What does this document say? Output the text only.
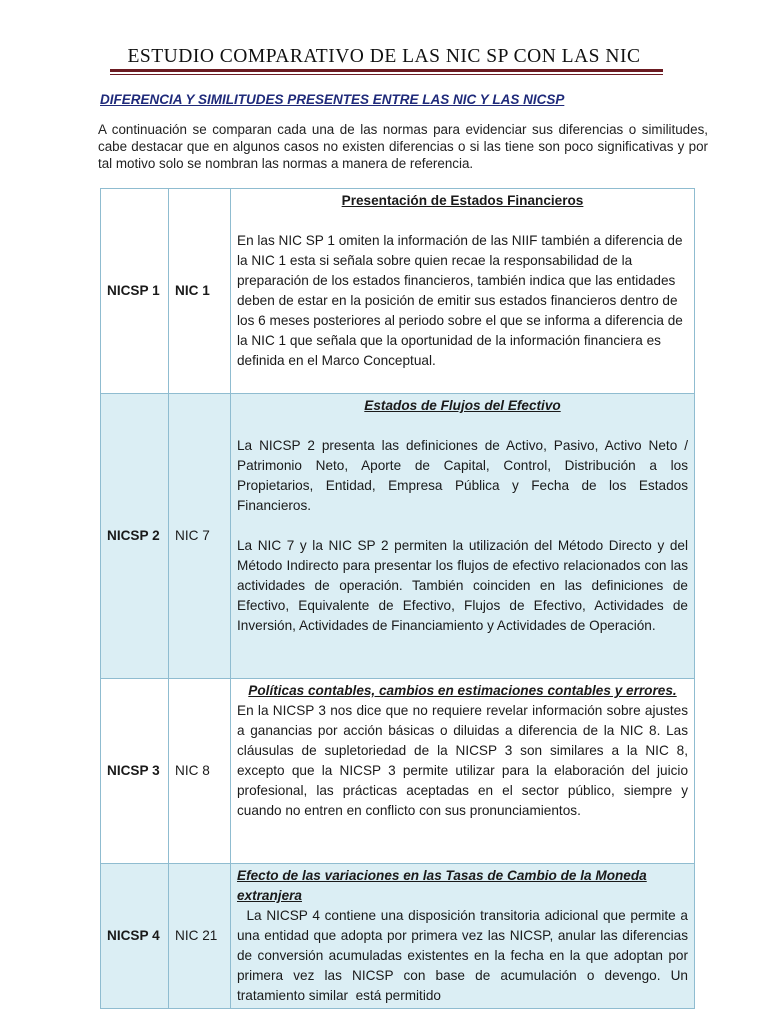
ESTUDIO COMPARATIVO DE LAS NIC SP CON LAS NIC
DIFERENCIA Y SIMILITUDES PRESENTES ENTRE LAS NIC Y LAS NICSP
A continuación se comparan cada una de las normas para evidenciar sus diferencias o similitudes, cabe destacar que en algunos casos no existen diferencias o si las tiene son poco significativas y por tal motivo solo se nombran las normas a manera de referencia.
NICSP 1	NIC 1	Presentación de Estados Financieros
En las NIC SP 1 omiten la información de las NIIF también a diferencia de la NIC 1 esta si señala sobre quien recae la responsabilidad de la preparación de los estados financieros, también indica que las entidades deben de estar en la posición de emitir sus estados financieros dentro de los 6 meses posteriores al periodo sobre el que se informa a diferencia de la NIC 1 que señala que la oportunidad de la información financiera es definida en el Marco Conceptual.

NICSP 2	NIC 7	Estados de Flujos del Efectivo
La NICSP 2 presenta las definiciones de Activo, Pasivo, Activo Neto / Patrimonio Neto, Aporte de Capital, Control, Distribución a los Propietarios, Entidad, Empresa Pública y Fecha de los Estados Financieros.
La NIC 7 y la NIC SP 2 permiten la utilización del Método Directo y del Método Indirecto para presentar los flujos de efectivo relacionados con las actividades de operación. También coinciden en las definiciones de Efectivo, Equivalente de Efectivo, Flujos de Efectivo, Actividades de Inversión, Actividades de Financiamiento y Actividades de Operación.

NICSP 3	NIC 8	Políticas contables, cambios en estimaciones contables y errores.
En la NICSP 3 nos dice que no requiere revelar información sobre ajustes a ganancias por acción básicas o diluidas a diferencia de la NIC 8. Las cláusulas de supletoriedad de la NICSP 3 son similares a la NIC 8, excepto que la NICSP 3 permite utilizar para la elaboración del juicio profesional, las prácticas aceptadas en el sector público, siempre y cuando no entren en conflicto con sus pronunciamientos.

NICSP 4	NIC 21	Efecto de las variaciones en las Tasas de Cambio de la Moneda extranjera
La NICSP 4 contiene una disposición transitoria adicional que permite a una entidad que adopta por primera vez las NICSP, anular las diferencias de conversión acumuladas existentes en la fecha en la que adoptan por primera vez las NICSP con base de acumulación o devengo. Un tratamiento similar  está permitido
